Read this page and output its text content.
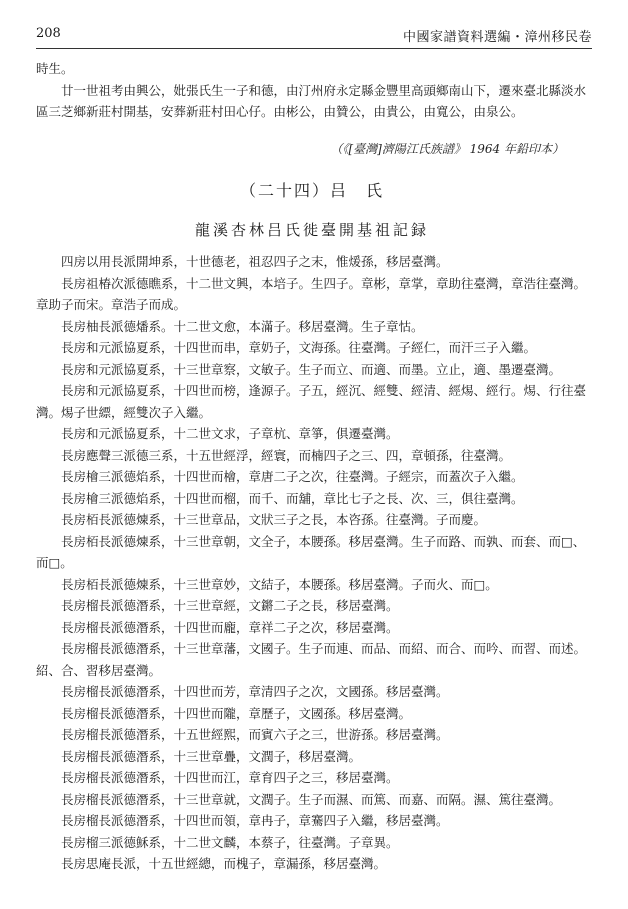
208	中國家譜資料選編・漳州移民卷

時生。

廿一世祖考由興公，妣張氏生一子和德，由汀州府永定縣金豐里高頭鄉南山下，遷來臺北縣淡水區三芝鄉新莊村開基，安葬新莊村田心仔。由彬公，由贊公，由貴公，由寬公，由泉公。

（《[臺灣]濟陽江氏族譜》 1964 年鉛印本）

（二十四）吕　氏
龍溪杏林吕氏徙臺開基祖記録

四房以用長派開坤系，十世德老，祖忍四子之末，惟煖孫，移居臺灣。

長房祖椿次派德瞧系，十二世文興，本培子。生四子。章彬，章掌，章助往臺灣，章浩往臺灣。章助子而宋。章浩子而成。

長房柚長派德燔系。十二世文愈，本滿子。移居臺灣。生子章怙。

長房和元派協夏系，十四世而串，章奶子，文海孫。往臺灣。子經仁，而汗三子入繼。

長房和元派協夏系，十三世章察，文敏子。生子而立、而適、而墨。立止，適、墨遷臺灣。

長房和元派協夏系，十四世而榜，逢源子。子五，經沉、經雙、經清、經焬、經行。焬、行往臺灣。焬子世縹，經雙次子入繼。

長房和元派協夏系，十二世文求，子章杭、章箏，俱遷臺灣。

長房應聲三派德三系，十五世經浮，經寰，而楠四子之三、四，章頓孫，往臺灣。

長房檜三派德焰系，十四世而檜，章唐二子之次，往臺灣。子經宗，而蓋次子入繼。

長房檜三派德焰系，十四世而榴，而千、而舖，章比七子之長、次、三，俱往臺灣。

長房栢長派德煉系，十三世章品，文狀三子之長，本咨孫。往臺灣。子而慶。

長房栢長派德煉系，十三世章朝，文全子，本腰孫。移居臺灣。生子而路、而孰、而套、而□、而□。

長房栢長派德煉系，十三世章妙，文結子，本腰孫。移居臺灣。子而火、而□。

長房榴長派德潛系，十三世章經，文鏘二子之長，移居臺灣。

長房榴長派德潛系，十四世而龐，章祥二子之次，移居臺灣。

長房榴長派德潛系，十三世章藩，文國子。生子而連、而品、而紹、而合、而吟、而習、而述。紹、合、習移居臺灣。

長房榴長派德潛系，十四世而芳，章清四子之次，文國孫。移居臺灣。

長房榴長派德潛系，十四世而隴，章歷子，文國孫。移居臺灣。

長房榴長派德潛系，十五世經熙，而賓六子之三，世游孫。移居臺灣。

長房榴長派德潛系，十三世章疊，文潤子，移居臺灣。

長房榴長派德潛系，十四世而江，章育四子之三，移居臺灣。

長房榴長派德潛系，十三世章就，文潤子。生子而濕、而篤、而嘉、而隔。濕、篤往臺灣。

長房榴長派德潛系，十四世而領，章冉子，章騫四子入繼，移居臺灣。

長房榴三派德穌系，十二世文麟，本蔡子，往臺灣。子章異。

長房思庵長派，十五世經總，而槐子，章漏孫，移居臺灣。
